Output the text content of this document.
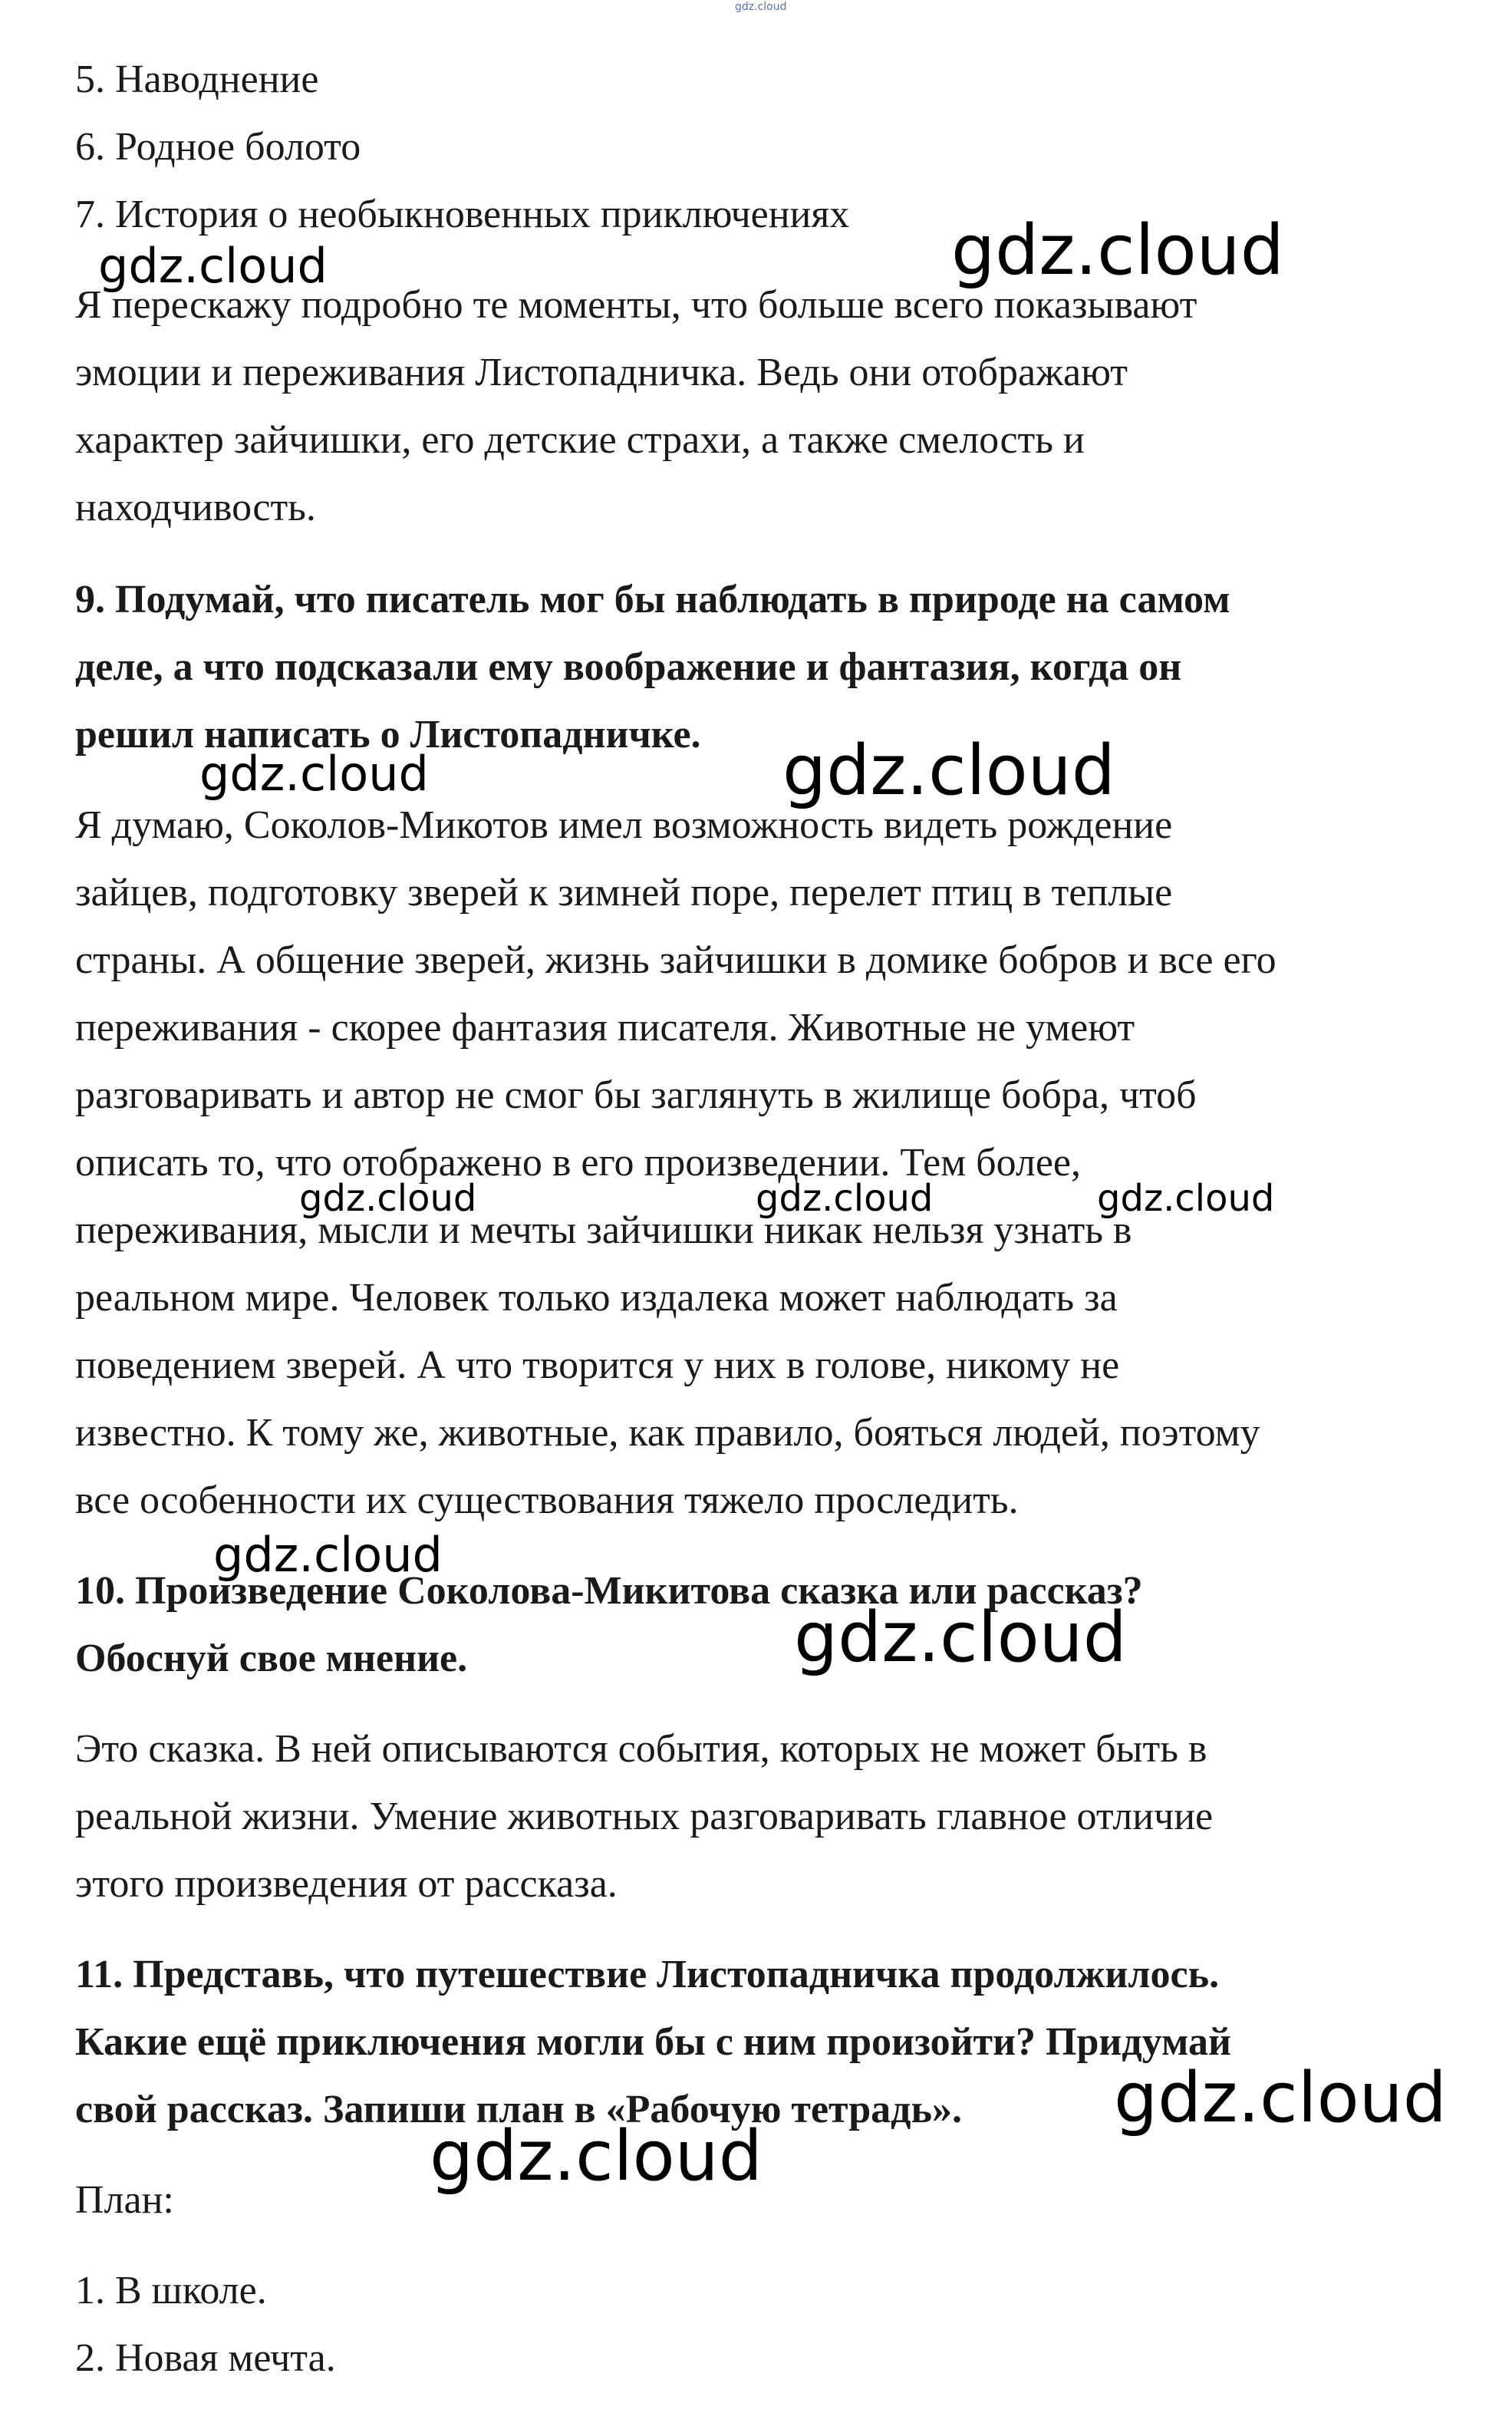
gdz.cloud
5. Наводнение
6. Родное болото
7. История о необыкновенных приключениях
Я перескажу подробно те моменты, что больше всего показывают
эмоции и переживания Листопадничка. Ведь они отображают
характер зайчишки, его детские страхи, а также смелость и
находчивость.
9. Подумай, что писатель мог бы наблюдать в природе на самом
деле, а что подсказали ему воображение и фантазия, когда он
решил написать о Листопадничке.
Я думаю, Соколов-Микотов имел возможность видеть рождение
зайцев, подготовку зверей к зимней поре, перелет птиц в теплые
страны. А общение зверей, жизнь зайчишки в домике бобров и все его
переживания - скорее фантазия писателя. Животные не умеют
разговаривать и автор не смог бы заглянуть в жилище бобра, чтоб
описать то, что отображено в его произведении. Тем более,
переживания, мысли и мечты зайчишки никак нельзя узнать в
реальном мире. Человек только издалека может наблюдать за
поведением зверей. А что творится у них в голове, никому не
известно. К тому же, животные, как правило, бояться людей, поэтому
все особенности их существования тяжело проследить.
10. Произведение Соколова-Микитова сказка или рассказ?
Обоснуй свое мнение.
Это сказка. В ней описываются события, которых не может быть в
реальной жизни. Умение животных разговаривать главное отличие
этого произведения от рассказа.
11. Представь, что путешествие Листопадничка продолжилось.
Какие ещё приключения могли бы с ним произойти? Придумай
свой рассказ. Запиши план в «Рабочую тетрадь».
План:
1. В школе.
2. Новая мечта.
gdz.cloud	gdz.cloud
gdz.cloud	gdz.cloud
gdz.cloud	gdz.cloud	gdz.cloud
gdz.cloud
gdz.cloud
gdz.cloud
gdz.cloud
